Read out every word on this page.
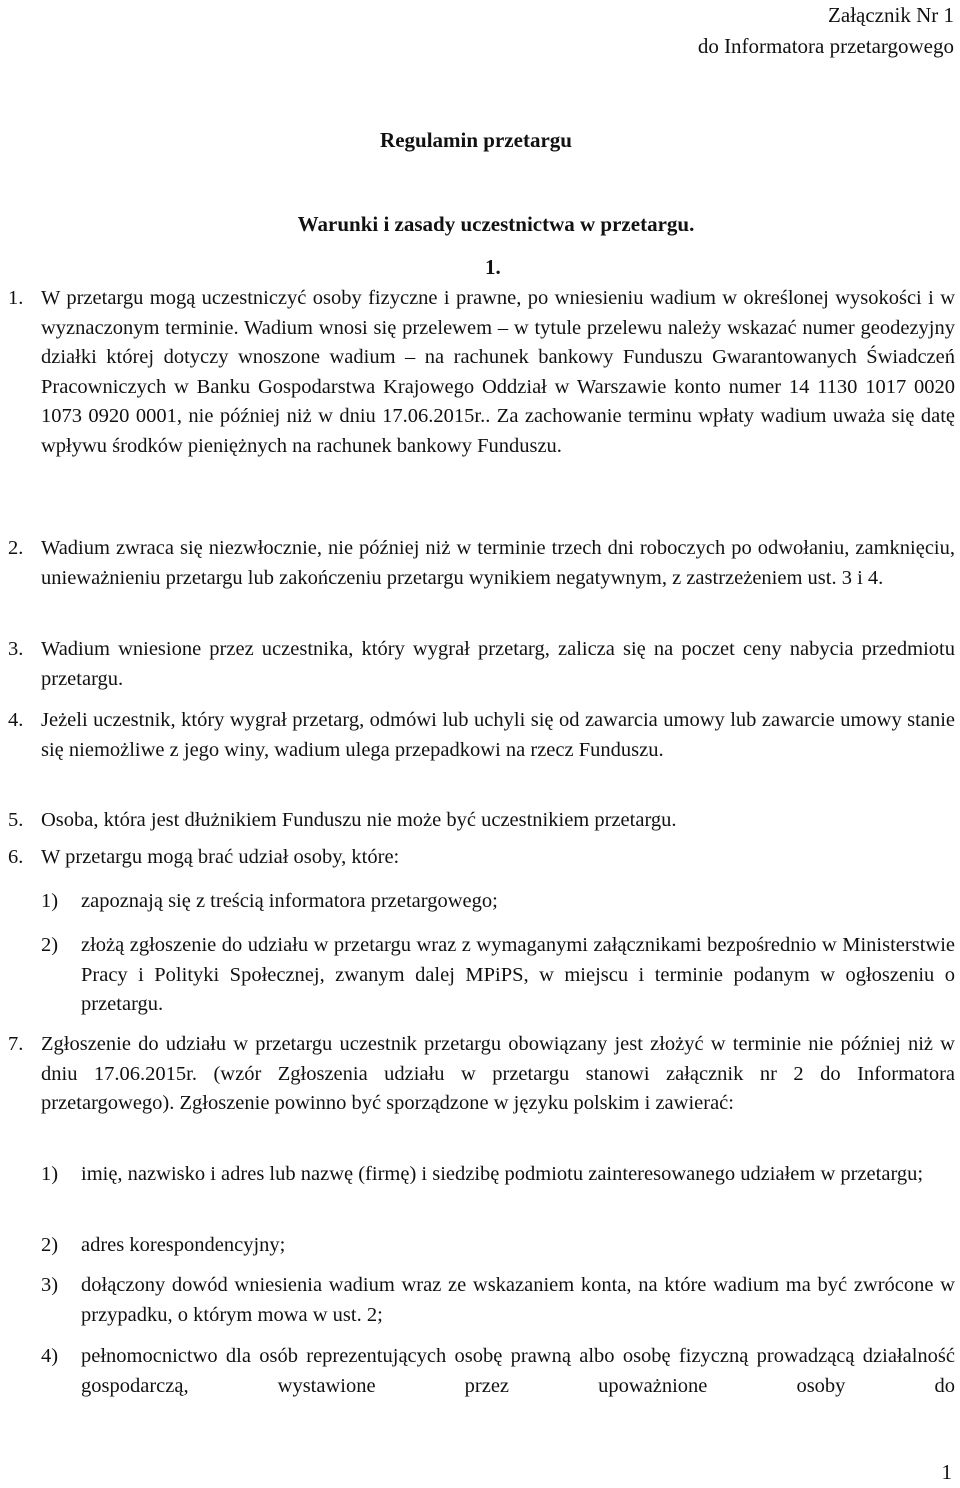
Załącznik Nr 1
do Informatora przetargowego
Regulamin przetargu
Warunki i zasady uczestnictwa w przetargu.
1.
1. W przetargu mogą uczestniczyć osoby fizyczne i prawne, po wniesieniu wadium w określonej wysokości i w wyznaczonym terminie. Wadium wnosi się przelewem – w tytule przelewu należy wskazać numer geodezyjny działki której dotyczy wnoszone wadium – na rachunek bankowy Funduszu Gwarantowanych Świadczeń Pracowniczych w Banku Gospodarstwa Krajowego Oddział w Warszawie konto numer 14 1130 1017 0020 1073 0920 0001, nie później niż w dniu 17.06.2015r.. Za zachowanie terminu wpłaty wadium uważa się datę wpływu środków pieniężnych na rachunek bankowy Funduszu.
2. Wadium zwraca się niezwłocznie, nie później niż w terminie trzech dni roboczych po odwołaniu, zamknięciu, unieważnieniu przetargu lub zakończeniu przetargu wynikiem negatywnym, z zastrzeżeniem ust. 3 i 4.
3. Wadium wniesione przez uczestnika, który wygrał przetarg, zalicza się na poczet ceny nabycia przedmiotu przetargu.
4. Jeżeli uczestnik, który wygrał przetarg, odmówi lub uchyli się od zawarcia umowy lub zawarcie umowy stanie się niemożliwe z jego winy, wadium ulega przepadkowi na rzecz Funduszu.
5. Osoba, która jest dłużnikiem Funduszu nie może być uczestnikiem przetargu.
6. W przetargu mogą brać udział osoby, które:
1) zapoznają się z treścią informatora przetargowego;
2) złożą zgłoszenie do udziału w przetargu wraz z wymaganymi załącznikami bezpośrednio w Ministerstwie Pracy i Polityki Społecznej, zwanym dalej MPiPS, w miejscu i terminie podanym w ogłoszeniu o przetargu.
7. Zgłoszenie do udziału w przetargu uczestnik przetargu obowiązany jest złożyć w terminie nie później niż w dniu 17.06.2015r. (wzór Zgłoszenia udziału w przetargu stanowi załącznik nr 2 do Informatora przetargowego). Zgłoszenie powinno być sporządzone w języku polskim i zawierać:
1) imię, nazwisko i adres lub nazwę (firmę) i siedzibę podmiotu zainteresowanego udziałem w przetargu;
2) adres korespondencyjny;
3) dołączony dowód wniesienia wadium wraz ze wskazaniem konta, na które wadium ma być zwrócone w przypadku, o którym mowa w ust. 2;
4) pełnomocnictwo dla osób reprezentujących osobę prawną albo osobę fizyczną prowadzącą działalność gospodarczą, wystawione przez upoważnione osoby do
1
